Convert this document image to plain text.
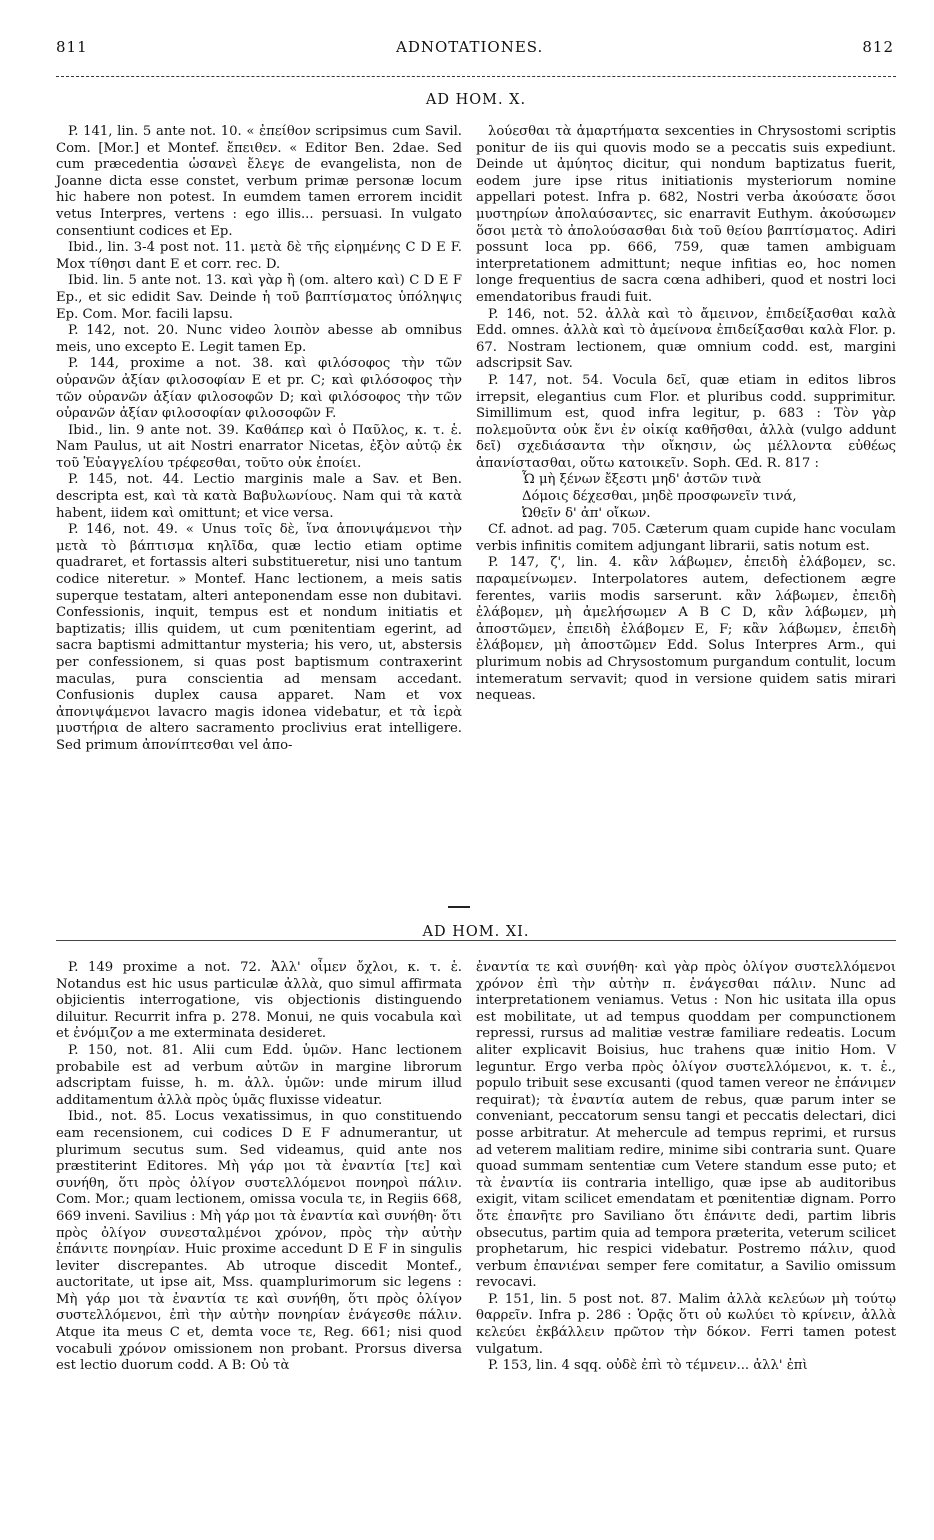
811	ADNOTATIONES.	812
AD HOM. X.

P. 141, lin. 5 ante not. 10. « ἐπείθον scripsimus cum Savil. Com. [Mor.] et Montef. ἔπειθεν. « Editor Ben. 2dae. Sed cum præcedentia ὡσανεὶ ἔλεγε de evangelista, non de Joanne dicta esse constet, verbum primæ personæ locum hic habere non potest. In eumdem tamen errorem incidit vetus Interpres, vertens : ego illis... persuasi. In vulgato consentiunt codices et Ep.

Ibid., lin. 3-4 post not. 11. μετὰ δὲ τῆς εἰρημένης C D E F. Mox τίθησι dant E et corr. rec. D.

Ibid. lin. 5 ante not. 13. καὶ γὰρ ἢ (om. altero καὶ) C D E F Ep., et sic edidit Sav. Deinde ἡ τοῦ βαπτίσματος ὑπόληψις Ep. Com. Mor. facili lapsu.

P. 142, not. 20. Nunc video λοιπὸν abesse ab omnibus meis, uno excepto E. Legit tamen Ep.

P. 144, proxime a not. 38. καὶ φιλόσοφος τὴν τῶν οὐρανῶν ἀξίαν φιλοσοφίαν E et pr. C; καὶ φιλόσοφος τὴν τῶν οὐρανῶν ἀξίαν φιλοσοφῶν D; καὶ φιλόσοφος τὴν τῶν οὐρανῶν ἀξίαν φιλοσοφίαν φιλοσοφῶν F.

Ibid., lin. 9 ante not. 39. Καθάπερ καὶ ὁ Παῦλος, κ. τ. ἑ. Nam Paulus, ut ait Nostri enarrator Nicetas, ἐξὸν αὐτῷ ἐκ τοῦ Ἐὐαγγελίου τρέφεσθαι, τοῦτο οὐκ ἐποίει.

P. 145, not. 44. Lectio marginis male a Sav. et Ben. descripta est, καὶ τὰ κατὰ Βαβυλωνίους. Nam qui τὰ κατὰ habent, iidem καὶ omittunt; et vice versa.

P. 146, not. 49. « Unus τοῖς δὲ, ἵνα ἀπονιψάμενοι τὴν μετὰ τὸ βάπτισμα κηλῖδα, quæ lectio etiam optime quadraret, et fortassis alteri substitueretur, nisi uno tantum codice niteretur. » Montef. Hanc lectionem, a meis satis superque testatam, alteri anteponendam esse non dubitavi. Confessionis, inquit, tempus est et nondum initiatis et baptizatis; illis quidem, ut cum pœnitentiam egerint, ad sacra baptismi admittantur mysteria; his vero, ut, abstersis per confessionem, si quas post baptismum contraxerint maculas, pura conscientia ad mensam accedant. Confusionis duplex causa apparet. Nam et vox ἀπονιψάμενοι lavacro magis idonea videbatur, et τὰ ἱερὰ μυστήρια de altero sacramento proclivius erat intelligere. Sed primum ἀπονίπτεσθαι vel ἀπο-

λούεσθαι τὰ ἁμαρτήματα sexcenties in Chrysostomi scriptis ponitur de iis qui quovis modo se a peccatis suis expediunt. Deinde ut ἀμύητος dicitur, qui nondum baptizatus fuerit, eodem jure ipse ritus initiationis mysteriorum nomine appellari potest. Infra p. 682, Nostri verba ἀκούσατε ὅσοι μυστηρίων ἀπολαύσαντες, sic enarravit Euthym. ἀκούσωμεν ὅσοι μετὰ τὸ ἀπολούσασθαι διὰ τοῦ θείου βαπτίσματος. Adiri possunt loca pp. 666, 759, quæ tamen ambiguam interpretationem admittunt; neque infitias eo, hoc nomen longe frequentius de sacra cœna adhiberi, quod et nostri loci emendatoribus fraudi fuit.

P. 146, not. 52. ἀλλὰ καὶ τὸ ἄμεινον, ἐπιδείξασθαι καλὰ Edd. omnes. ἀλλὰ καὶ τὸ ἀμείνονα ἐπιδείξασθαι καλὰ Flor. p. 67. Nostram lectionem, quæ omnium codd. est, margini adscripsit Sav.

P. 147, not. 54. Vocula δεῖ, quæ etiam in editos libros irrepsit, elegantius cum Flor. et pluribus codd. supprimitur. Simillimum est, quod infra legitur, p. 683 : Τὸν γὰρ πολεμοῦντα οὐκ ἔνι ἐν οἰκίᾳ καθῆσθαι, ἀλλὰ (vulgo addunt δεῖ) σχεδιάσαντα τὴν οἴκησιν, ὡς μέλλοντα εὐθέως ἀπανίστασθαι, οὕτω κατοικεῖν. Soph. Œd. R. 817 :

Ὧ μὴ ξένων ἔξεστι μηδ' ἀστῶν τινὰ

Δόμοις δέχεσθαι, μηδὲ προσφωνεῖν τινά,

Ὠθεῖν δ' ἀπ' οἴκων.

Cf. adnot. ad pag. 705. Cæterum quam cupide hanc voculam verbis infinitis comitem adjungant librarii, satis notum est.

P. 147, ζ', lin. 4. κἂν λάβωμεν, ἐπειδὴ ἐλάβομεν, sc. παραμείνωμεν. Interpolatores autem, defectionem ægre ferentes, variis modis sarserunt. κἂν λάβωμεν, ἐπειδὴ ἐλάβομεν, μὴ ἀμελήσωμεν A B C D, κἂν λάβωμεν, μὴ ἀποστῶμεν, ἐπειδὴ ἐλάβομεν E, F; κἂν λάβωμεν, ἐπειδὴ ἐλάβομεν, μὴ ἀποστῶμεν Edd. Solus Interpres Arm., qui plurimum nobis ad Chrysostomum purgandum contulit, locum intemeratum servavit; quod in versione quidem satis mirari nequeas.

AD HOM. XI.

P. 149 proxime a not. 72. Ἀλλ' οἶμεν ὄχλοι, κ. τ. ἑ. Notandus est hic usus particulæ ἀλλὰ, quo simul affirmata objicientis interrogatione, vis objectionis distinguendo diluitur. Recurrit infra p. 278. Monui, ne quis vocabula καὶ et ἐνόμιζον a me exterminata desideret.

P. 150, not. 81. Alii cum Edd. ὑμῶν. Hanc lectionem probabile est ad verbum αὐτῶν in margine librorum adscriptam fuisse, h. m. ἀλλ. ὑμῶν: unde mirum illud additamentum ἀλλὰ πρὸς ὑμᾶς fluxisse videatur.

Ibid., not. 85. Locus vexatissimus, in quo constituendo eam recensionem, cui codices D E F adnumerantur, ut plurimum secutus sum. Sed videamus, quid ante nos præstiterint Editores. Μὴ γάρ μοι τὰ ἐναντία [τε] καὶ συνήθη, ὅτι πρὸς ὀλίγον συστελλόμενοι πονηροὶ πάλιν. Com. Mor.; quam lectionem, omissa vocula τε, in Regiis 668, 669 inveni. Savilius : Μὴ γάρ μοι τὰ ἐναντία καὶ συνήθη· ὅτι πρὸς ὀλίγον συνεσταλμένοι χρόνον, πρὸς τὴν αὐτὴν ἐπάνιτε πονηρίαν. Huic proxime accedunt D E F in singulis leviter discrepantes. Ab utroque discedit Montef., auctoritate, ut ipse ait, Mss. quamplurimorum sic legens : Μὴ γάρ μοι τὰ ἐναντία τε καὶ συνήθη, ὅτι πρὸς ὀλίγον συστελλόμενοι, ἐπὶ τὴν αὐτὴν πονηρίαν ἐνάγεσθε πάλιν. Atque ita meus C et, demta voce τε, Reg. 661; nisi quod vocabuli χρόνον omissionem non probant. Prorsus diversa est lectio duorum codd. A B: Οὐ τὰ

ἐναντία τε καὶ συνήθη· καὶ γὰρ πρὸς ὀλίγον συστελλόμενοι χρόνον ἐπὶ τὴν αὐτὴν π. ἐνάγεσθαι πάλιν. Nunc ad interpretationem veniamus. Vetus : Non hic usitata illa opus est mobilitate, ut ad tempus quoddam per compunctionem repressi, rursus ad malitiæ vestræ familiare redeatis. Locum aliter explicavit Boisius, huc trahens quæ initio Hom. V leguntur. Ergo verba πρὸς ὀλίγον συστελλόμενοι, κ. τ. ἑ., populo tribuit sese excusanti (quod tamen vereor ne ἐπάνιμεν requirat); τὰ ἐναντία autem de rebus, quæ parum inter se conveniant, peccatorum sensu tangi et peccatis delectari, dici posse arbitratur. At mehercule ad tempus reprimi, et rursus ad veterem malitiam redire, minime sibi contraria sunt. Quare quoad summam sententiæ cum Vetere standum esse puto; et τὰ ἐναντία iis contraria intelligo, quæ ipse ab auditoribus exigit, vitam scilicet emendatam et pœnitentiæ dignam. Porro ὅτε ἐπανῆτε pro Saviliano ὅτι ἐπάνιτε dedi, partim libris obsecutus, partim quia ad tempora præterita, veterum scilicet prophetarum, hic respici videbatur. Postremo πάλιν, quod verbum ἐπανιέναι semper fere comitatur, a Savilio omissum revocavi.

P. 151, lin. 5 post not. 87. Malim ἀλλὰ κελεύων μὴ τούτῳ θαρρεῖν. Infra p. 286 : Ὁρᾷς ὅτι οὐ κωλύει τὸ κρίνειν, ἀλλὰ κελεύει ἐκβάλλειν πρῶτον τὴν δόκον. Ferri tamen potest vulgatum.

P. 153, lin. 4 sqq. οὐδὲ ἐπὶ τὸ τέμνειν... ἀλλ' ἐπὶ
